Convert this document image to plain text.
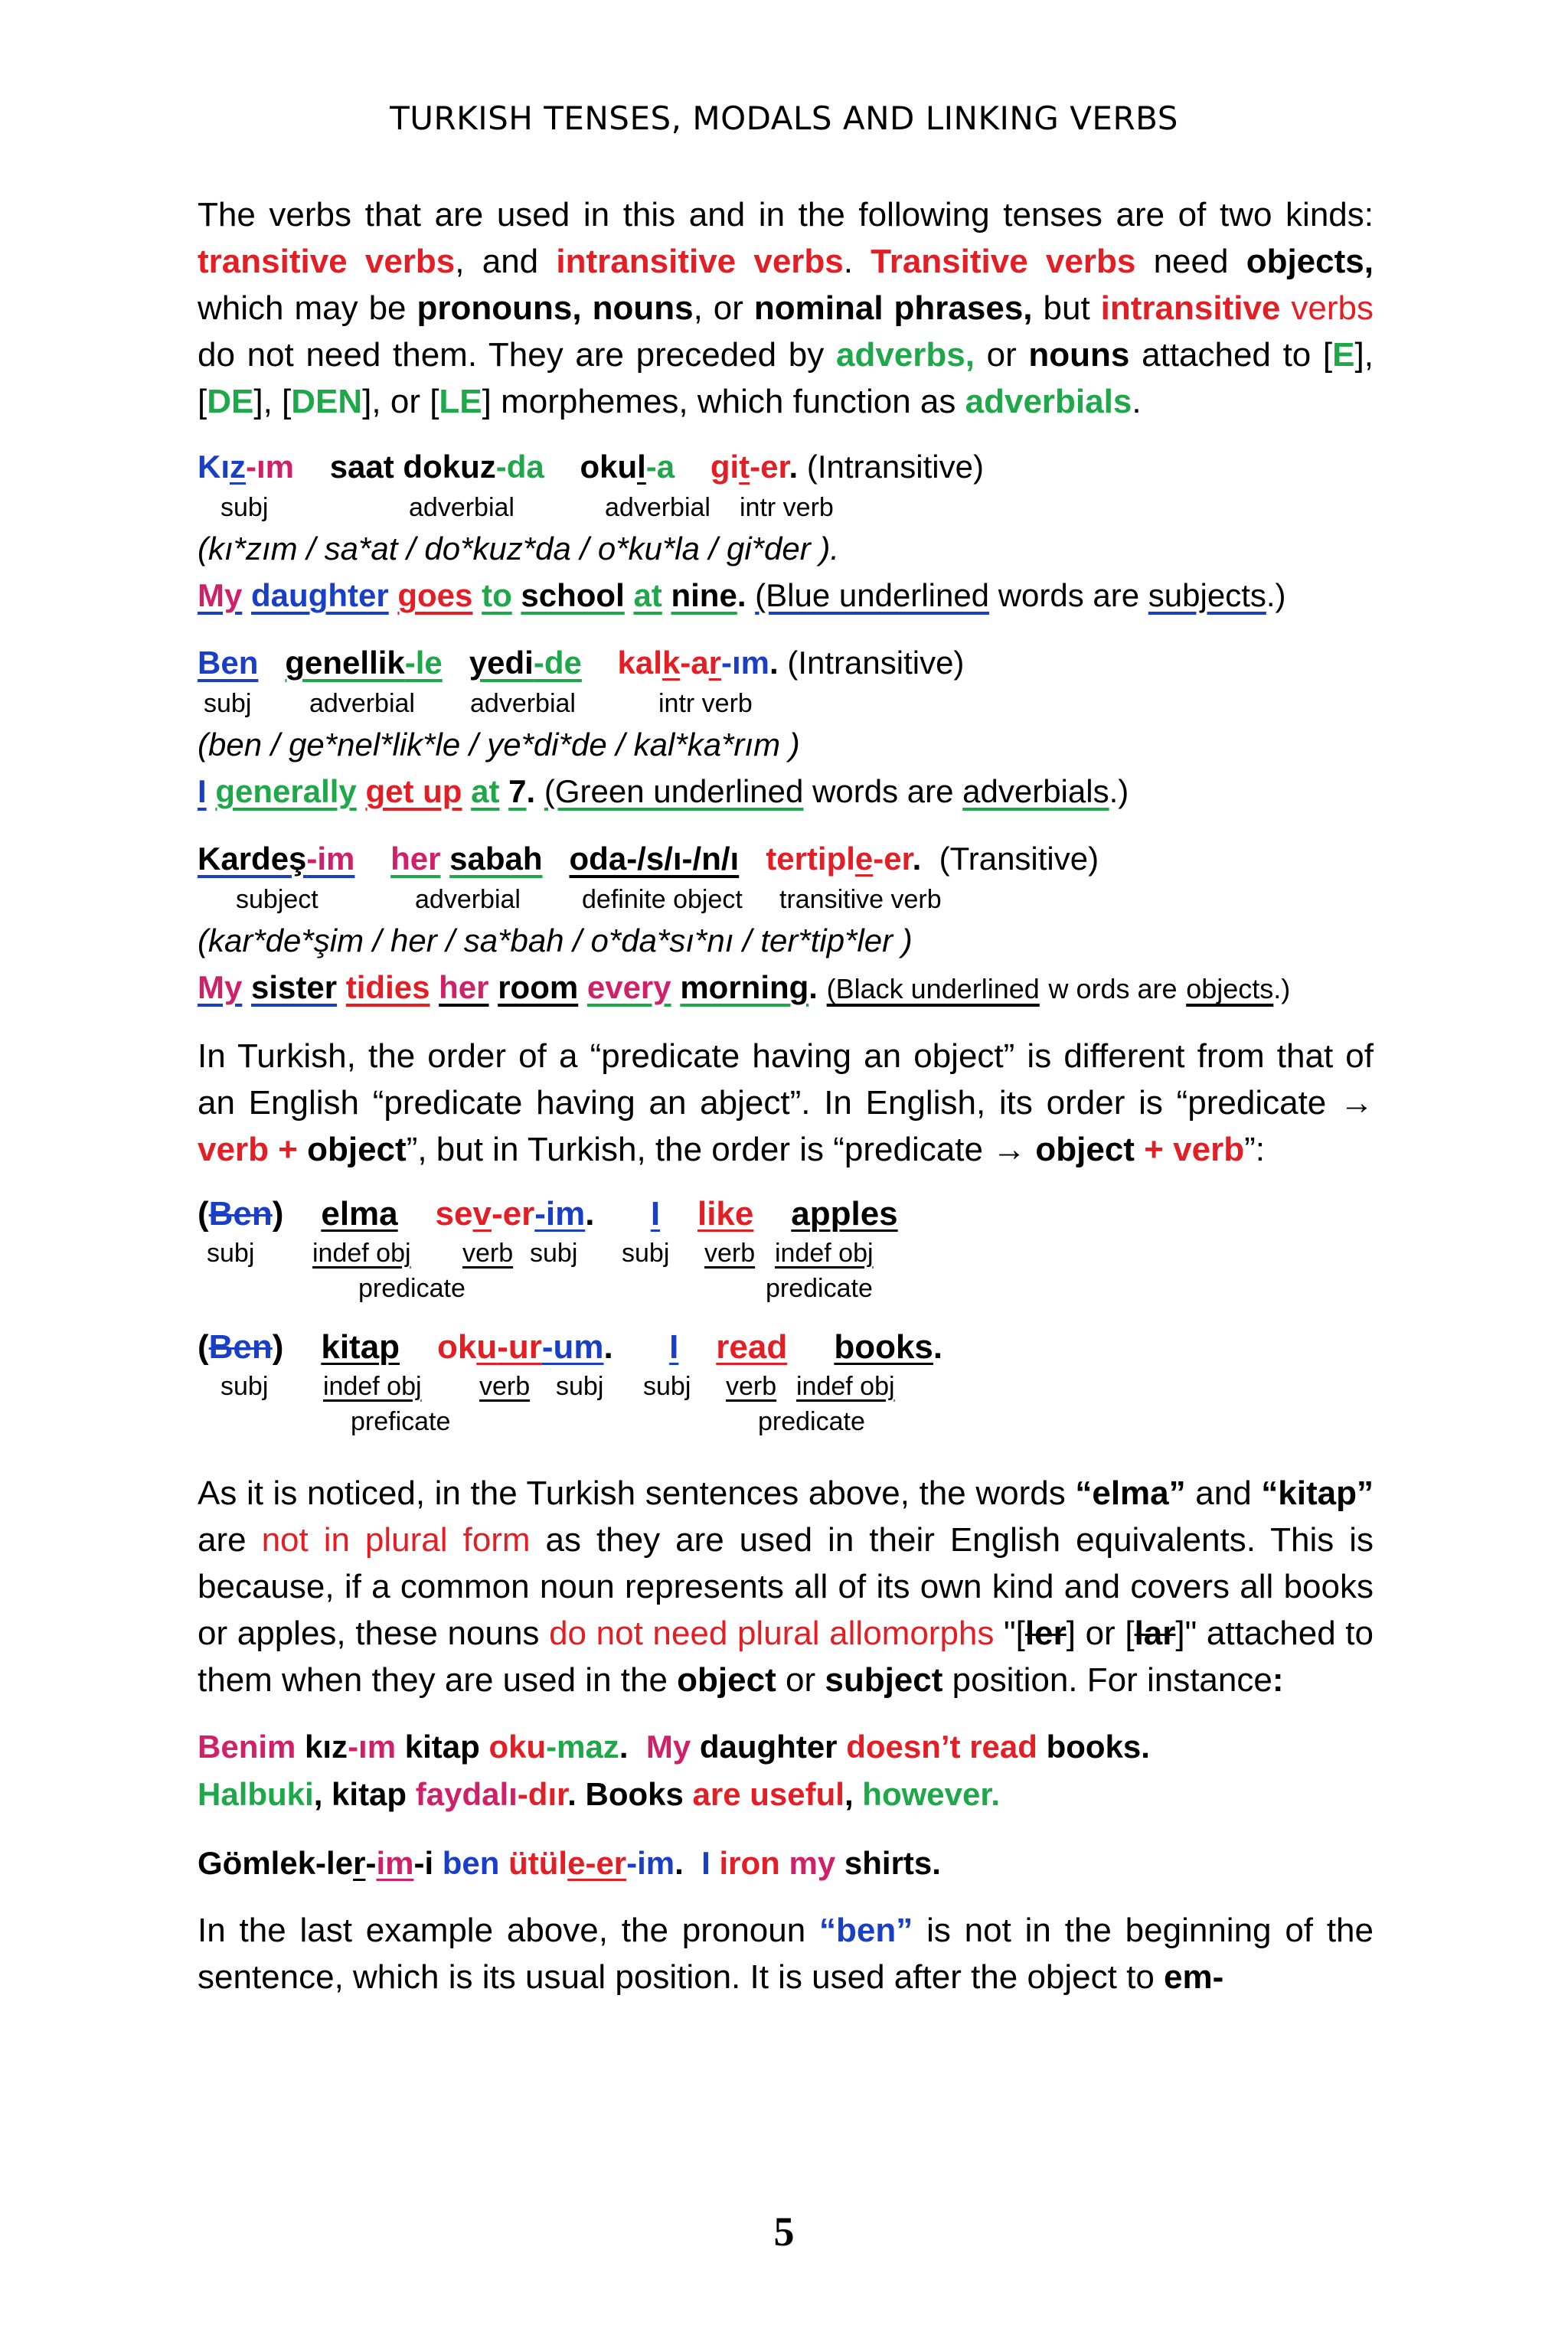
TURKISH TENSES, MODALS AND LINKING VERBS

The verbs that are used in this and in the following tenses are of two kinds: transitive verbs, and intransitive verbs. Transitive verbs need objects, which may be pronouns, nouns, or nominal phrases, but intransitive verbs do not need them. They are preceded by adverbs, or nouns attached to [E], [DE], [DEN], or [LE] morphemes, which function as adverbials.

Kız-ım saat dokuz-da okul-a git-er. (Intransitive)
subj	adverbial	adverbial intr verb
(kı*zım / sa*at / do*kuz*da / o*ku*la / gi*der ).
My daughter goes to school at nine. (Blue underlined words are subjects.)
Ben genellik-le yedi-de kalk-ar-ım. (Intransitive)
subj adverbial adverbial	intr verb
(ben / ge*nel*lik*le / ye*di*de / kal*ka*rım )
I generally get up at 7. (Green underlined words are adverbials.)
Kardeş-im her sabah oda-/s/ı-/n/ı tertiple-er. (Transitive)
subject	adverbial definite object transitive verb
(kar*de*şim / her / sa*bah / o*da*sı*nı / ter*tip*ler )
My sister tidies her room every morning. (Black underlined w ords are objects.)

In Turkish, the order of a “predicate having an object” is different from that of an English “predicate having an abject”. In English, its order is “predicate → verb + object”, but in Turkish, the order is “predicate → object + verb”:

(Ben) elma sev-er-im. I like apples
subj indef obj verb subj subj verb indef obj
predicate	predicate
(Ben) kitap oku-ur-um. I read books.
subj indef obj verb subj subj verb indef obj
preficate	predicate

As it is noticed, in the Turkish sentences above, the words “elma” and “kitap” are not in plural form as they are used in their English equivalents. This is because, if a common noun represents all of its own kind and covers all books or apples, these nouns do not need plural allomorphs "[ler] or [lar]" attached to them when they are used in the object or subject position. For instance:

Benim kız-ım kitap oku-maz. My daughter doesn’t read books.
Halbuki, kitap faydalı-dır. Books are useful, however.
Gömlek-ler-im-i ben ütüle-er-im. I iron my shirts.

In the last example above, the pronoun “ben” is not in the beginning of the sentence, which is its usual position. It is used after the object to em-

5
